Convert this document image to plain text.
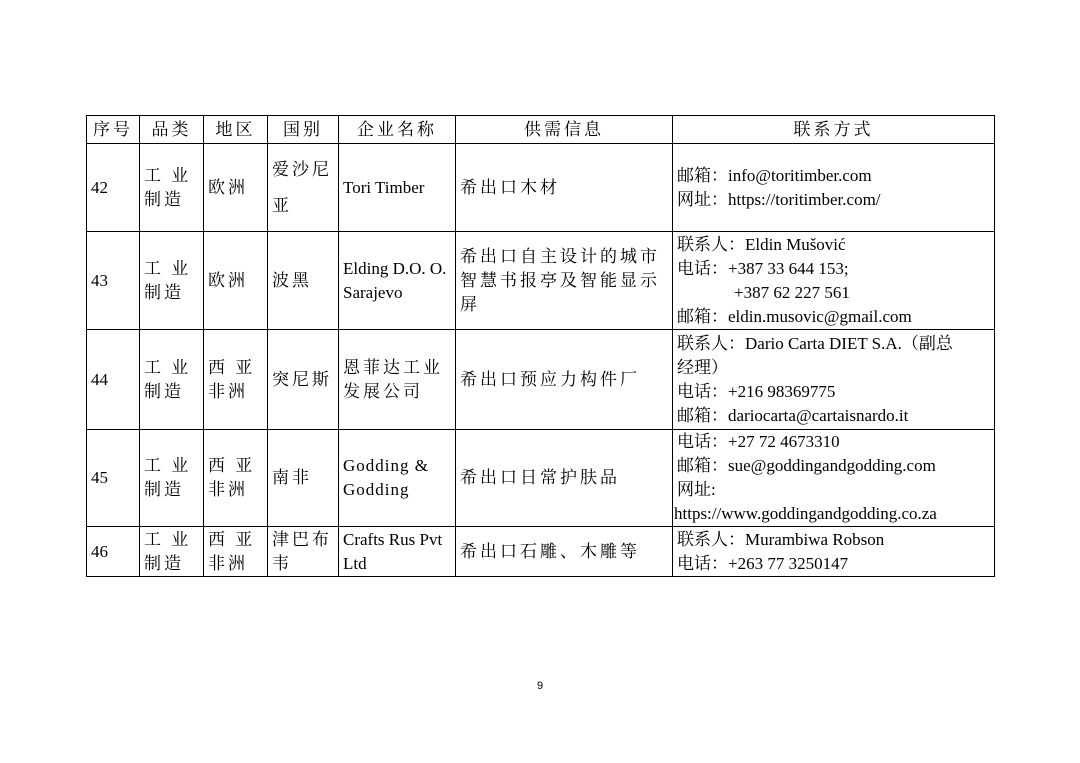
序号	品类	地区	国别	企业名称	供需信息	联系方式
42	工 业 制造	欧洲	爱沙尼亚	Tori Timber	希出口木材	邮箱：info@toritimber.com
网址：https://toritimber.com/

43	工 业 制造	欧洲	波黑	Elding D.O. O. Sarajevo	希出口自主设计的城市智慧书报亭及智能显示屏	联系人：Eldin Mušović
电话：+387 33 644 153;
+387 62 227 561
邮箱：eldin.musovic@gmail.com

44	工 业 制造	西 亚 非洲	突尼斯	恩菲达工业发展公司	希出口预应力构件厂	联系人：Dario Carta DIET S.A.（副总
经理）
电话：+216 98369775
邮箱：dariocarta@cartaisnardo.it

45	工 业 制造	西 亚 非洲	南非	Godding & Godding	希出口日常护肤品	电话：+27 72 4673310
邮箱：sue@goddingandgodding.com
网址:
https://www.goddingandgodding.co.za

46	工 业 制造	西 亚 非洲	津巴布韦	Crafts Rus Pvt Ltd	希出口石雕、木雕等	联系人：Murambiwa Robson
电话：+263 77 3250147
9
